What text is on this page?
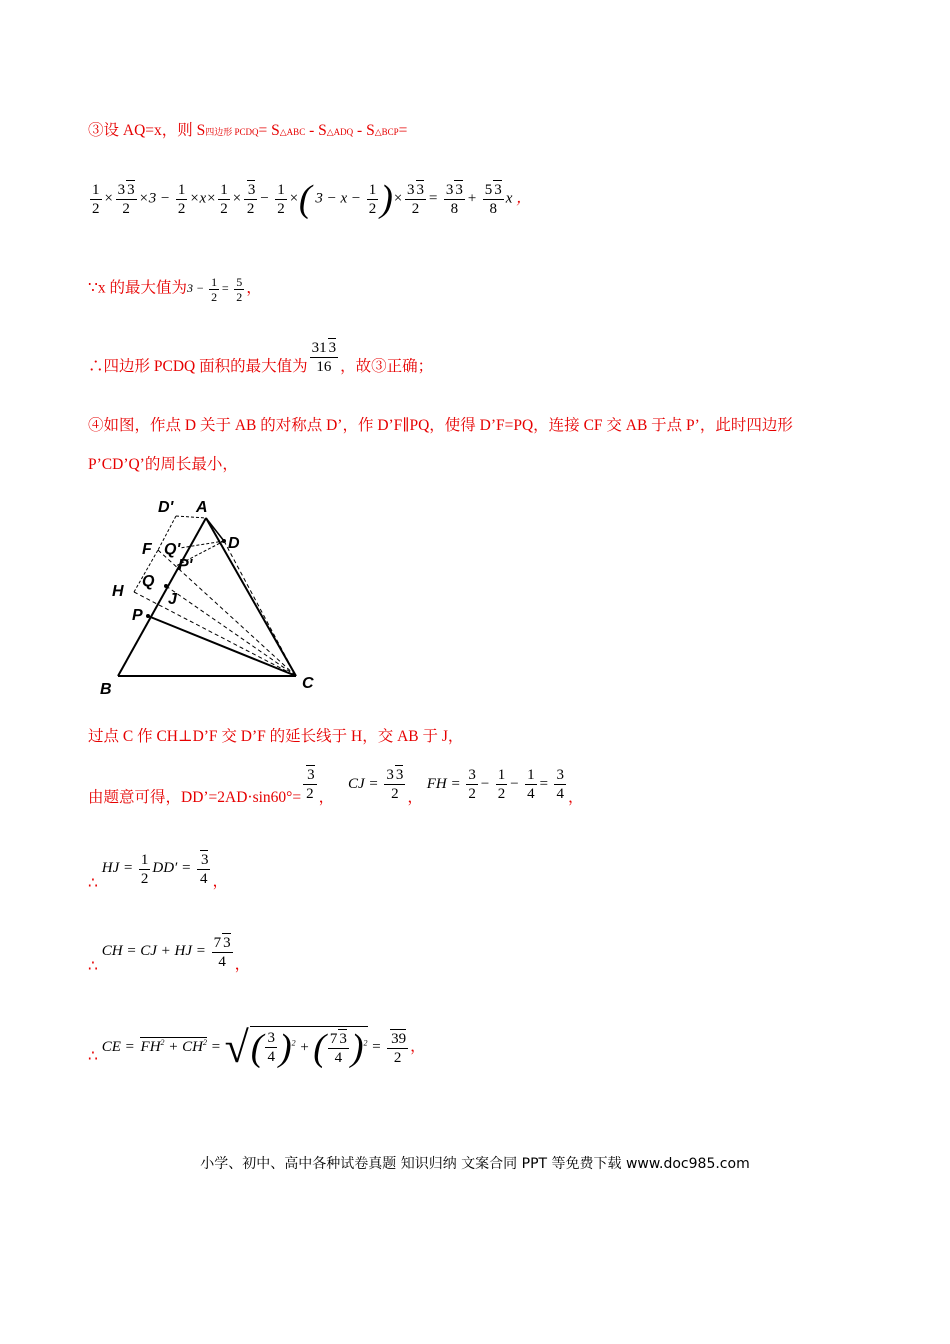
③设 AQ=x，则 S四边形 PCDQ= S△ABC ‐ S△ADQ ‐ S△BCP=
$\frac{1}{2} \times \frac{3 3}{2} \times 3 - \frac{1}{2} \times x\times \frac{1}{2} \times \frac{3}{2} - \frac{1}{2}$ ×( $3 - x - \frac{1}{2}$ )× $\frac{3 3}{2} = \frac{3 3}{8} + \frac{5 3}{8}$ x ，
∵x 的最大值为$3 - \frac{1}{2} = \frac{5}{2}$ ，
∴四边形 PCDQ 面积的最大值为 $\frac{31 3}{16}$ ，故③正确；
④如图，作点 D 关于 AB 的对称点 D’，作 D’F∥PQ，使得 D’F=PQ，连接 CF 交 AB 于点 P’，此时四边形
P’CD’Q’的周长最小，
D' A
D
F Q'
P'
H
Q
J
P
B	C
过点 C 作 CH⊥D’F 交 D’F 的延长线于 H，交 AB 于 J，
由题意可得，DD’=2AD·sin60°= $\frac{3}{2}$ ， CJ = $\frac{3 3}{2}$ ， FH = $\frac{3}{2} - \frac{1}{2} - \frac{1}{4} = \frac{3}{4}$ ，
∴ HJ = $\frac{1}{2} DD' = \frac{3}{4}$ ，
∴ CH = CJ + HJ = $\frac{7 3}{4}$ ，
∴ CE = $FH^2 + CH^2$ = √( $\frac{3}{4} )^2$ + ( $\frac{7 3}{4} )^2 = \frac{39}{2}$ ，
小学、初中、高中各种试卷真题 知识归纳 文案合同 PPT 等免费下载 www.doc985.com
